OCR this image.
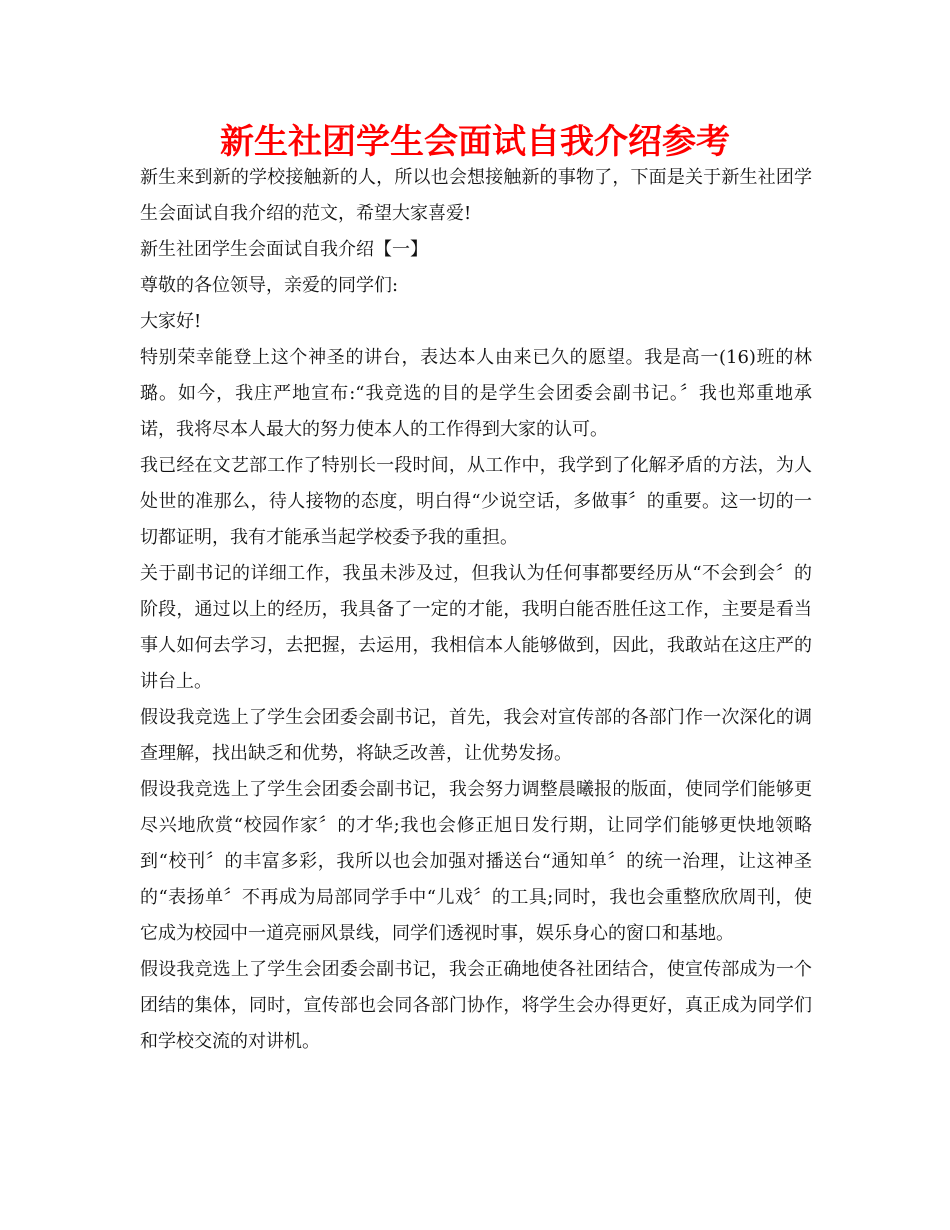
新生社团学生会面试自我介绍参考

新生来到新的学校接触新的人，所以也会想接触新的事物了，下面是关于新生社团学生会面试自我介绍的范文，希望大家喜爱!

新生社团学生会面试自我介绍【一】

尊敬的各位领导，亲爱的同学们:

大家好!

特别荣幸能登上这个神圣的讲台，表达本人由来已久的愿望。我是高一(16)班的林璐。如今，我庄严地宣布:“我竞选的目的是学生会团委会副书记。〞我也郑重地承诺，我将尽本人最大的努力使本人的工作得到大家的认可。

我已经在文艺部工作了特别长一段时间，从工作中，我学到了化解矛盾的方法，为人处世的准那么，待人接物的态度，明白得“少说空话，多做事〞的重要。这一切的一切都证明，我有才能承当起学校委予我的重担。

关于副书记的详细工作，我虽未涉及过，但我认为任何事都要经历从“不会到会〞的阶段，通过以上的经历，我具备了一定的才能，我明白能否胜任这工作，主要是看当事人如何去学习，去把握，去运用，我相信本人能够做到，因此，我敢站在这庄严的讲台上。

假设我竞选上了学生会团委会副书记，首先，我会对宣传部的各部门作一次深化的调查理解，找出缺乏和优势，将缺乏改善，让优势发扬。

假设我竞选上了学生会团委会副书记，我会努力调整晨曦报的版面，使同学们能够更尽兴地欣赏“校园作家〞的才华;我也会修正旭日发行期，让同学们能够更快地领略到“校刊〞的丰富多彩，我所以也会加强对播送台“通知单〞的统一治理，让这神圣的“表扬单〞不再成为局部同学手中“儿戏〞的工具;同时，我也会重整欣欣周刊，使它成为校园中一道亮丽风景线，同学们透视时事，娱乐身心的窗口和基地。

假设我竞选上了学生会团委会副书记，我会正确地使各社团结合，使宣传部成为一个团结的集体，同时，宣传部也会同各部门协作，将学生会办得更好，真正成为同学们和学校交流的对讲机。
